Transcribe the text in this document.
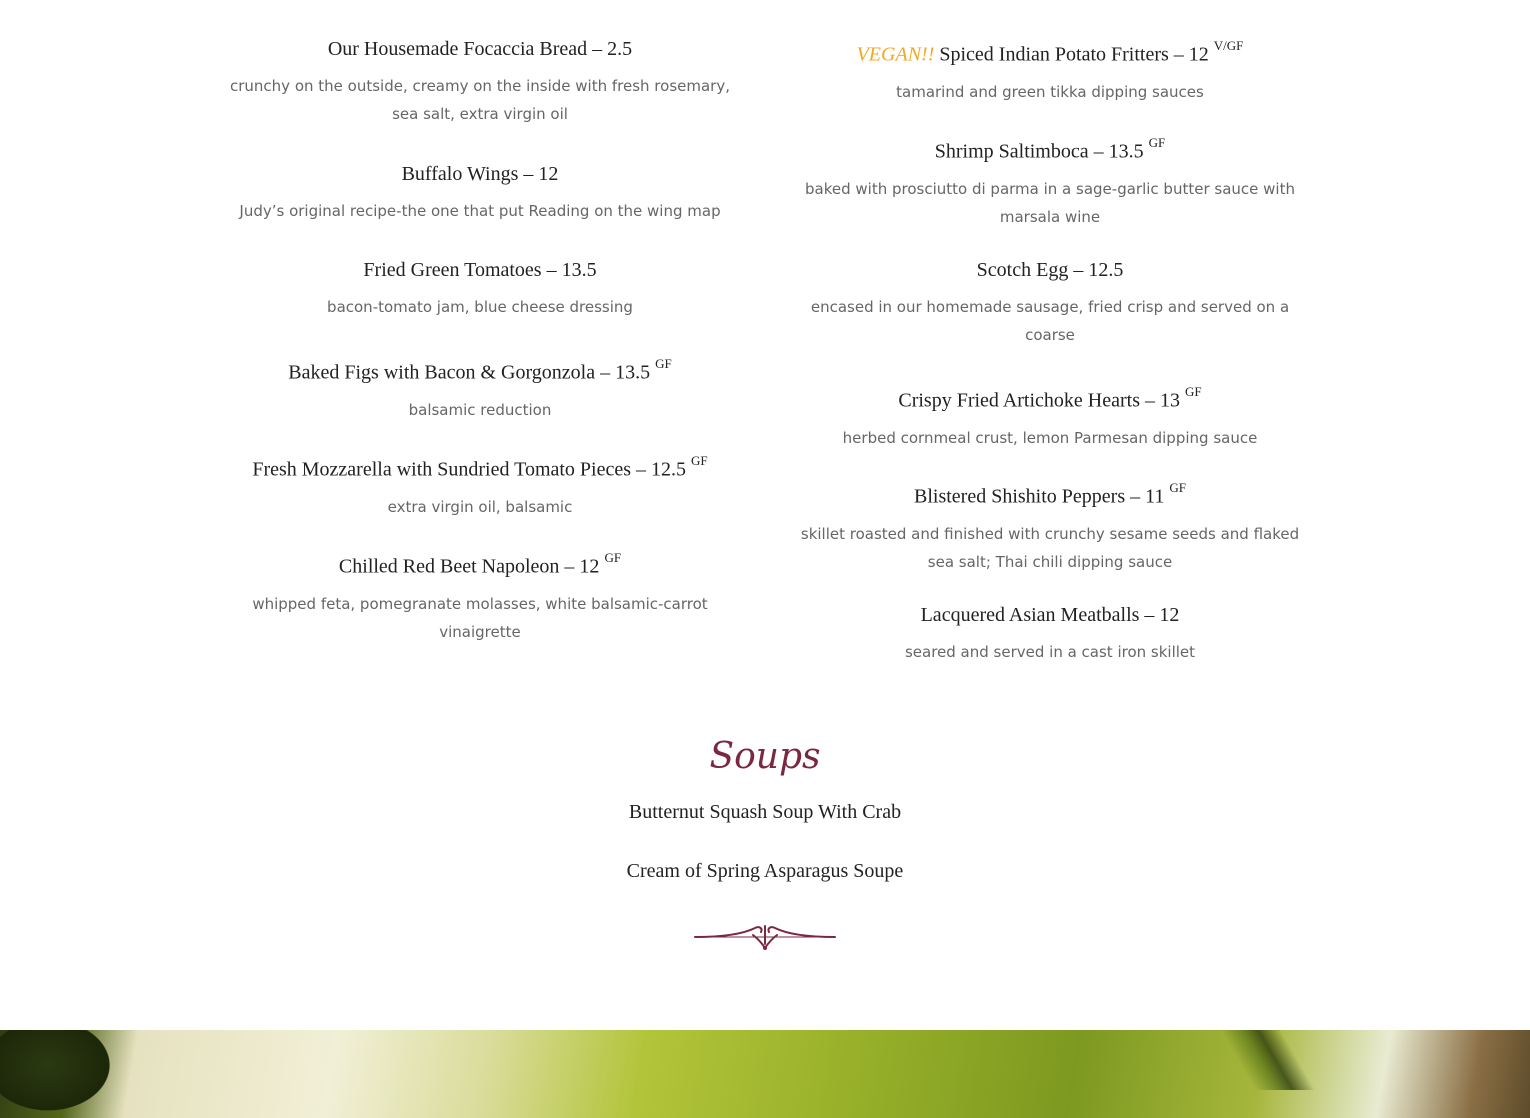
Our Housemade Focaccia Bread – 2.5

crunchy on the outside, creamy on the inside with fresh rosemary, sea salt, extra virgin oil

Buffalo Wings – 12

Judy’s original recipe-the one that put Reading on the wing map

Fried Green Tomatoes – 13.5

bacon-tomato jam, blue cheese dressing

Baked Figs with Bacon & Gorgonzola – 13.5 $^{GF}$

balsamic reduction

Fresh Mozzarella with Sundried Tomato Pieces – 12.5 $^{GF}$

extra virgin oil, balsamic

Chilled Red Beet Napoleon – 12 $^{GF}$

whipped feta, pomegranate molasses, white balsamic-carrot vinaigrette

VEGAN!! Spiced Indian Potato Fritters – 12 $^{V/GF}$

tamarind and green tikka dipping sauces

Shrimp Saltimboca – 13.5 $^{GF}$

baked with prosciutto di parma in a sage-garlic butter sauce with marsala wine

Scotch Egg – 12.5

encased in our homemade sausage, fried crisp and served on a coarse

Crispy Fried Artichoke Hearts – 13 $^{GF}$

herbed cornmeal crust, lemon Parmesan dipping sauce

Blistered Shishito Peppers – 11 $^{GF}$

skillet roasted and finished with crunchy sesame seeds and flaked sea salt; Thai chili dipping sauce

Lacquered Asian Meatballs – 12

seared and served in a cast iron skillet

Soups
Butternut Squash Soup With Crab
Cream of Spring Asparagus Soupe
